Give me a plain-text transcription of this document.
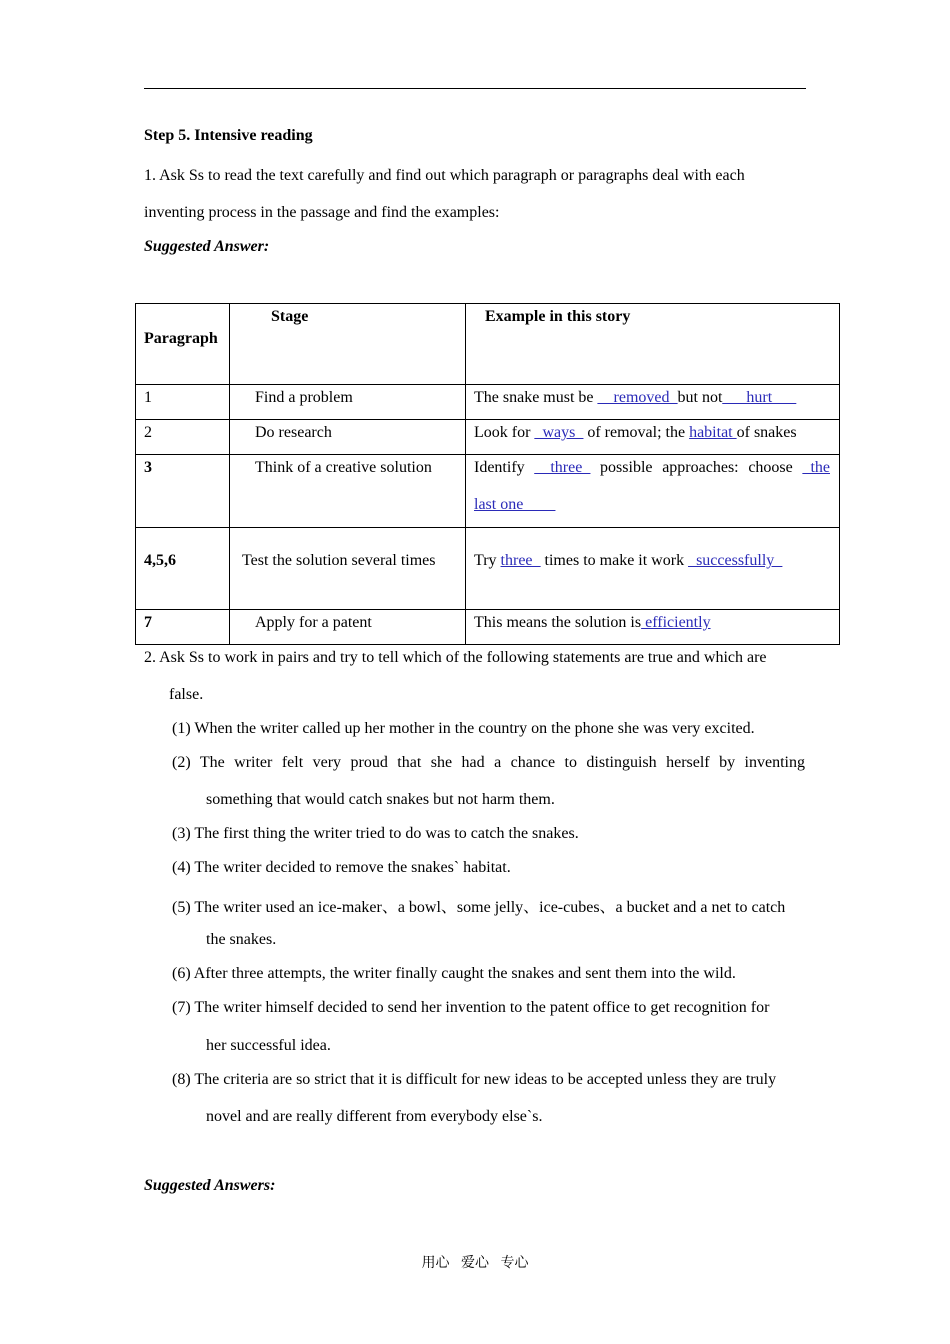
Step 5. Intensive reading
1. Ask Ss to read the text carefully and find out which paragraph or paragraphs deal with each
inventing process in the passage and find the examples:
Suggested Answer:
Paragraph	Stage	Example in this story

1	Find a problem	The snake must be __removed_but not___hurt___

2	Do research	Look for _ways_ of removal; the habitat of snakes

3	Think of a creative solution	Identify __three_ possible approaches: choose _the
last one____

4,5,6	Test the solution several times	Try three_ times to make it work _successfully_

7	Apply for a patent	This means the solution is efficiently
2. Ask Ss to work in pairs and try to tell which of the following statements are true and which are
false.
(1) When the writer called up her mother in the country on the phone she was very excited.
(2) The writer felt very proud that she had a chance to distinguish herself by inventing
something that would catch snakes but not harm them.
(3) The first thing the writer tried to do was to catch the snakes.
(4) The writer decided to remove the snakes` habitat.
(5) The writer used an ice-maker、a bowl、some jelly、ice-cubes、a bucket and a net to catch
the snakes.
(6) After three attempts, the writer finally caught the snakes and sent them into the wild.
(7) The writer himself decided to send her invention to the patent office to get recognition for
her successful idea.
(8) The criteria are so strict that it is difficult for new ideas to be accepted unless they are truly
novel and are really different from everybody else`s.
Suggested Answers:
用心 爱心 专心
